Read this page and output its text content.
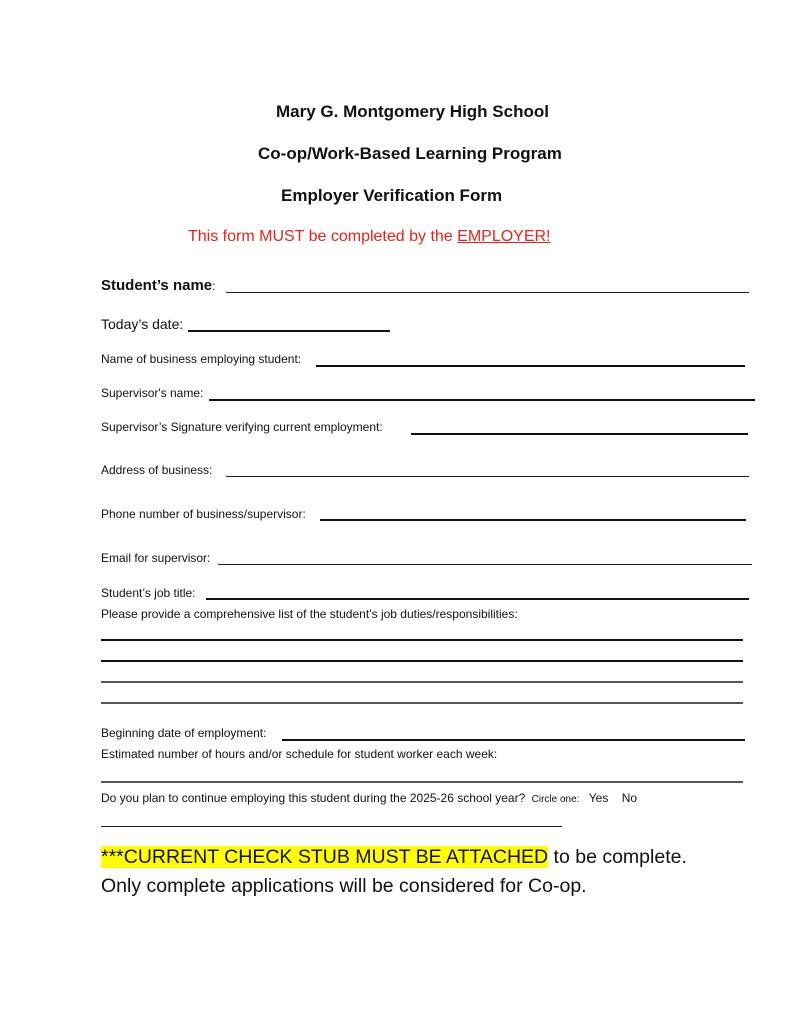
Mary G. Montgomery High School
Co-op/Work-Based Learning Program
Employer Verification Form
This form MUST be completed by the EMPLOYER!
Student’s name:
Today’s date:
Name of business employing student:
Supervisor's name:
Supervisor’s Signature verifying current employment:
Address of business:
Phone number of business/supervisor:
Email for supervisor:
Student’s job title:
Please provide a comprehensive list of the student’s job duties/responsibilities:
Beginning date of employment:
Estimated number of hours and/or schedule for student worker each week:
Do you plan to continue employing this student during the 2025-26 school year? Circle one: Yes No
***CURRENT CHECK STUB MUST BE ATTACHED to be complete.
Only complete applications will be considered for Co-op.
